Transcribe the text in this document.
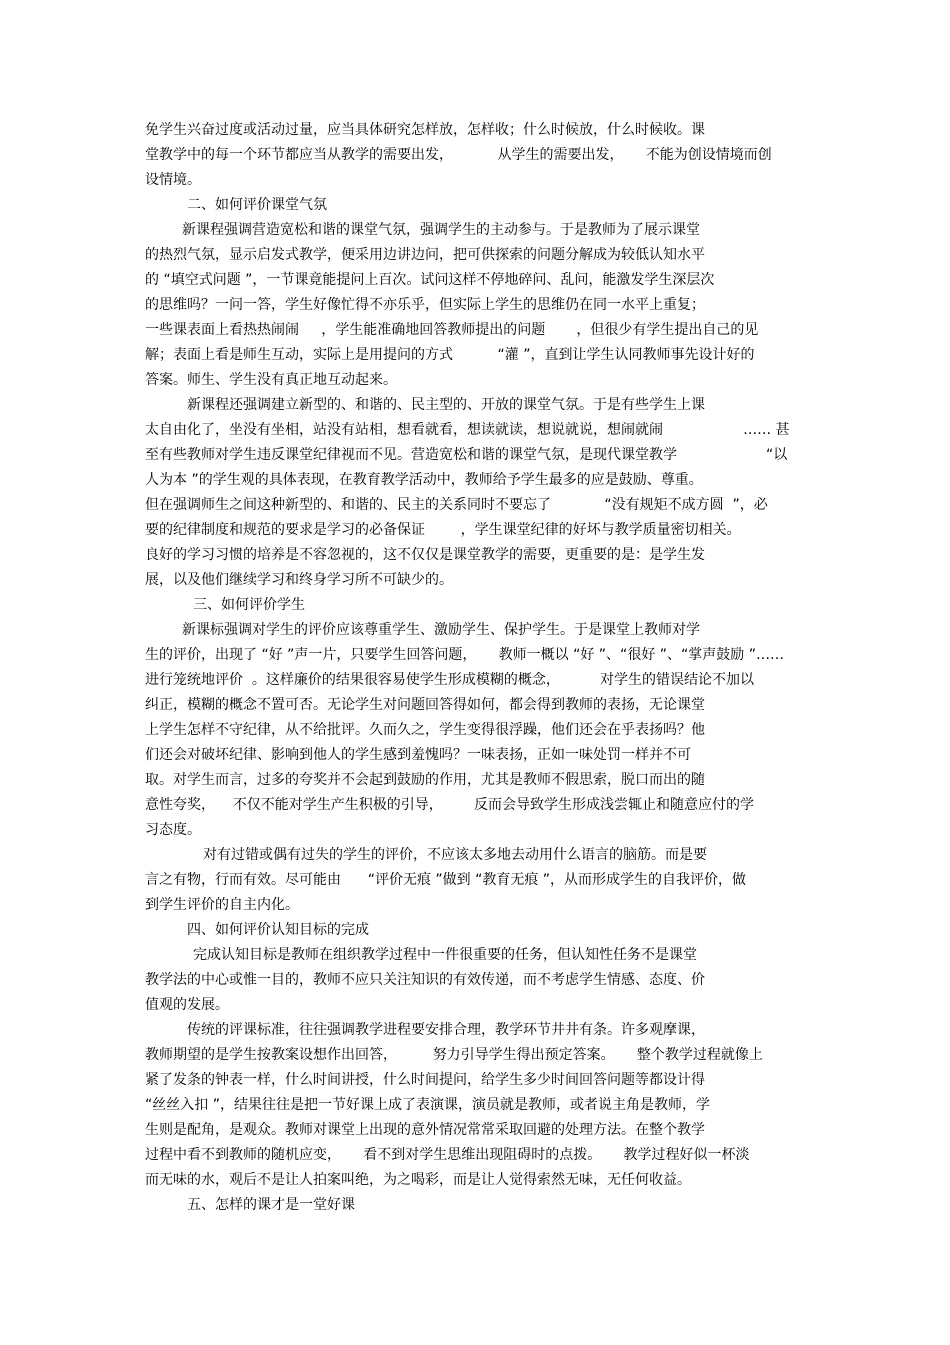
免学生兴奋过度或活动过量，应当具体研究怎样放，怎样收；什么时候放，什么时候收。课
堂教学中的每一个环节都应当从教学的需要出发，          从学生的需要出发，     不能为创设情境而创
设情境。
二、如何评价课堂气氛
新课程强调营造宽松和谐的课堂气氛，强调学生的主动参与。于是教师为了展示课堂
的热烈气氛，显示启发式教学，便采用边讲边问，把可供探索的问题分解成为较低认知水平
的 “填空式问题 ”，一节课竟能提问上百次。试问这样不停地碎问、乱问，能激发学生深层次
的思维吗？一问一答，学生好像忙得不亦乐乎，但实际上学生的思维仍在同一水平上重复；
一些课表面上看热热闹闹     ，学生能准确地回答教师提出的问题       ，但很少有学生提出自己的见
解；表面上看是师生互动，实际上是用提问的方式          “灌 ”，直到让学生认同教师事先设计好的
答案。师生、学生没有真正地互动起来。
新课程还强调建立新型的、和谐的、民主型的、开放的课堂气氛。于是有些学生上课
太自由化了，坐没有坐相，站没有站相，想看就看，想读就读，想说就说，想闹就闹                  …… 甚
至有些教师对学生违反课堂纪律视而不见。营造宽松和谐的课堂气氛，是现代课堂教学                    “以
人为本 ”的学生观的具体表现，在教育教学活动中，教师给予学生最多的应是鼓励、尊重。
但在强调师生之间这种新型的、和谐的、民主的关系同时不要忘了            “没有规矩不成方圆  ”，必
要的纪律制度和规范的要求是学习的必备保证        ，学生课堂纪律的好坏与教学质量密切相关。
良好的学习习惯的培养是不容忽视的，这不仅仅是课堂教学的需要，更重要的是：是学生发
展，以及他们继续学习和终身学习所不可缺少的。
三、如何评价学生
新课标强调对学生的评价应该尊重学生、激励学生、保护学生。于是课堂上教师对学
生的评价，出现了 “好 ”声一片，只要学生回答问题，     教师一概以 “好 ”、“很好 ”、“掌声鼓励 ”……
进行笼统地评价  。这样廉价的结果很容易使学生形成模糊的概念，         对学生的错误结论不加以
纠正，模糊的概念不置可否。无论学生对问题回答得如何，都会得到教师的表扬，无论课堂
上学生怎样不守纪律，从不给批评。久而久之，学生变得很浮躁，他们还会在乎表扬吗？他
们还会对破坏纪律、影响到他人的学生感到羞愧吗？一味表扬，正如一味处罚一样并不可
取。对学生而言，过多的夸奖并不会起到鼓励的作用，尤其是教师不假思索，脱口而出的随
意性夸奖，    不仅不能对学生产生积极的引导，       反而会导致学生形成浅尝辄止和随意应付的学
习态度。
对有过错或偶有过失的学生的评价，不应该太多地去动用什么语言的脑筋。而是要
言之有物，行而有效。尽可能由      “评价无痕 ”做到 “教育无痕 ”，从而形成学生的自我评价，做
到学生评价的自主内化。
四、如何评价认知目标的完成
完成认知目标是教师在组织教学过程中一件很重要的任务，但认知性任务不是课堂
教学法的中心或惟一目的，教师不应只关注知识的有效传递，而不考虑学生情感、态度、价
值观的发展。
传统的评课标准，往往强调教学进程要安排合理，教学环节井井有条。许多观摩课，
教师期望的是学生按教案设想作出回答，        努力引导学生得出预定答案。     整个教学过程就像上
紧了发条的钟表一样，什么时间讲授，什么时间提问，给学生多少时间回答问题等都设计得
“丝丝入扣 ”，结果往往是把一节好课上成了表演课，演员就是教师，或者说主角是教师，学
生则是配角，是观众。教师对课堂上出现的意外情况常常采取回避的处理方法。在整个教学
过程中看不到教师的随机应变，     看不到对学生思维出现阻碍时的点拨。     教学过程好似一杯淡
而无味的水，观后不是让人拍案叫绝，为之喝彩，而是让人觉得索然无味，无任何收益。
五、怎样的课才是一堂好课
